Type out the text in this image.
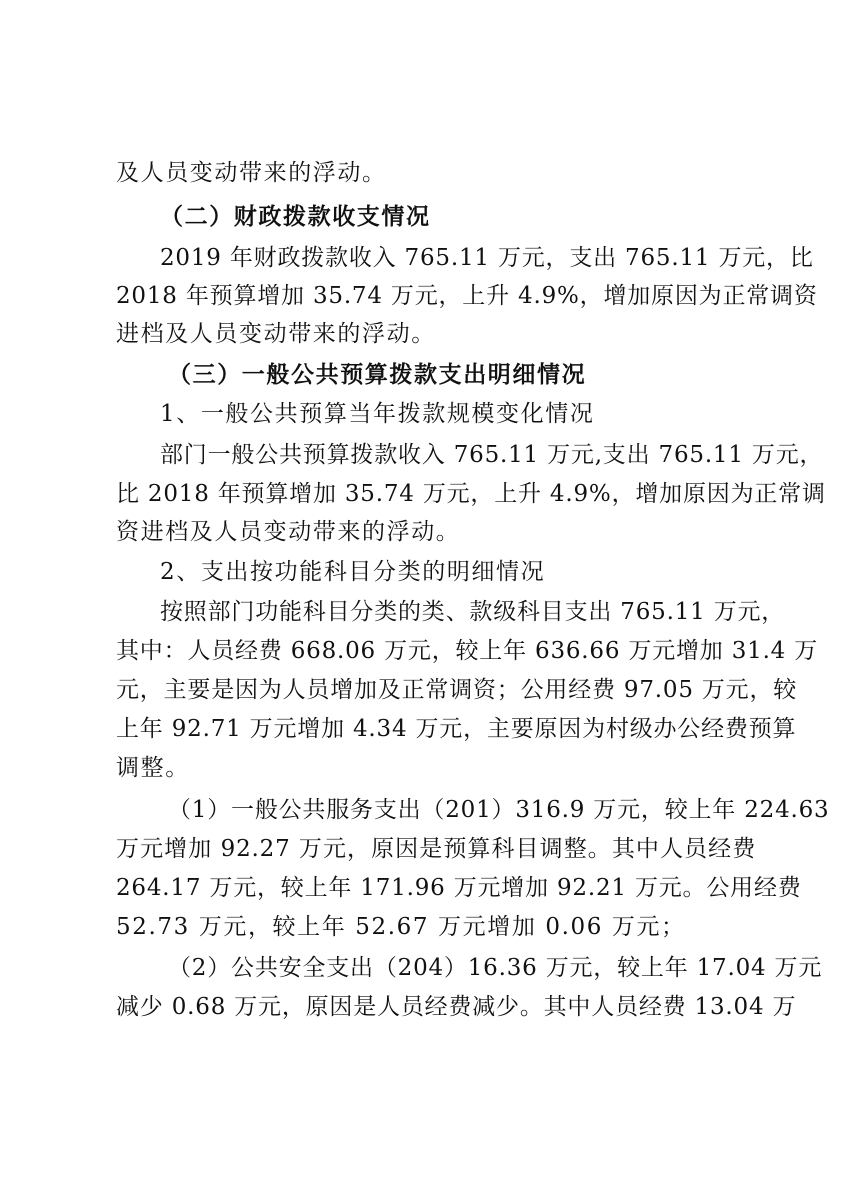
及人员变动带来的浮动。
（二）财政拨款收支情况
2019 年财政拨款收入 765.11 万元，支出 765.11 万元，比
2018 年预算增加 35.74 万元，上升 4.9%，增加原因为正常调资
进档及人员变动带来的浮动。
（三）一般公共预算拨款支出明细情况
1、一般公共预算当年拨款规模变化情况
部门一般公共预算拨款收入 765.11 万元,支出 765.11 万元，
比 2018 年预算增加 35.74 万元，上升 4.9%，增加原因为正常调
资进档及人员变动带来的浮动。
2、支出按功能科目分类的明细情况
按照部门功能科目分类的类、款级科目支出 765.11 万元，
其中：人员经费 668.06 万元，较上年 636.66 万元增加 31.4 万
元，主要是因为人员增加及正常调资；公用经费 97.05 万元，较
上年 92.71 万元增加 4.34 万元，主要原因为村级办公经费预算
调整。
（1）一般公共服务支出（201）316.9 万元，较上年 224.63
万元增加 92.27 万元，原因是预算科目调整。其中人员经费
264.17 万元，较上年 171.96 万元增加 92.21 万元。公用经费
52.73 万元，较上年 52.67 万元增加 0.06 万元；
（2）公共安全支出（204）16.36 万元，较上年 17.04 万元
减少 0.68 万元，原因是人员经费减少。其中人员经费 13.04 万
